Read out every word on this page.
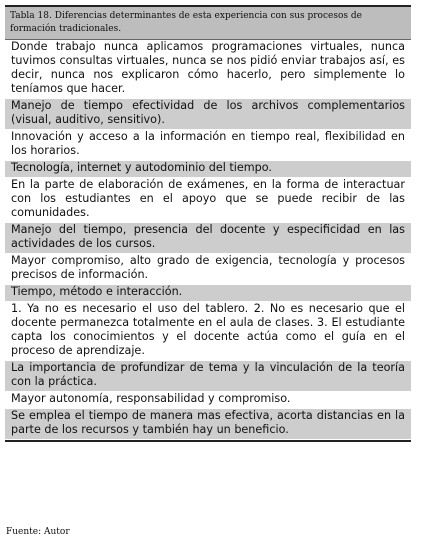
Tabla 18. Diferencias determinantes de esta experiencia con sus procesos de formación tradicionales.
Donde trabajo nunca aplicamos programaciones virtuales, nunca tuvimos consultas virtuales, nunca se nos pidió enviar trabajos así, es decir, nunca nos explicaron cómo hacerlo, pero simplemente lo teníamos que hacer.
Manejo de tiempo efectividad de los archivos complementarios (visual, auditivo, sensitivo).
Innovación y acceso a la información en tiempo real, flexibilidad en los horarios.
Tecnología, internet y autodominio del tiempo.
En la parte de elaboración de exámenes, en la forma de interactuar con los estudiantes en el apoyo que se puede recibir de las comunidades.
Manejo del tiempo, presencia del docente y especificidad en las actividades de los cursos.
Mayor compromiso, alto grado de exigencia, tecnología y procesos precisos de información.
Tiempo, método e interacción.
1. Ya no es necesario el uso del tablero. 2. No es necesario que el docente permanezca totalmente en el aula de clases. 3. El estudiante capta los conocimientos y el docente actúa como el guía en el proceso de aprendizaje.
La importancia de profundizar de tema y la vinculación de la teoría con la práctica.
Mayor autonomía, responsabilidad y compromiso.
Se emplea el tiempo de manera mas efectiva, acorta distancias en la parte de los recursos y también hay un beneficio.
Fuente: Autor
